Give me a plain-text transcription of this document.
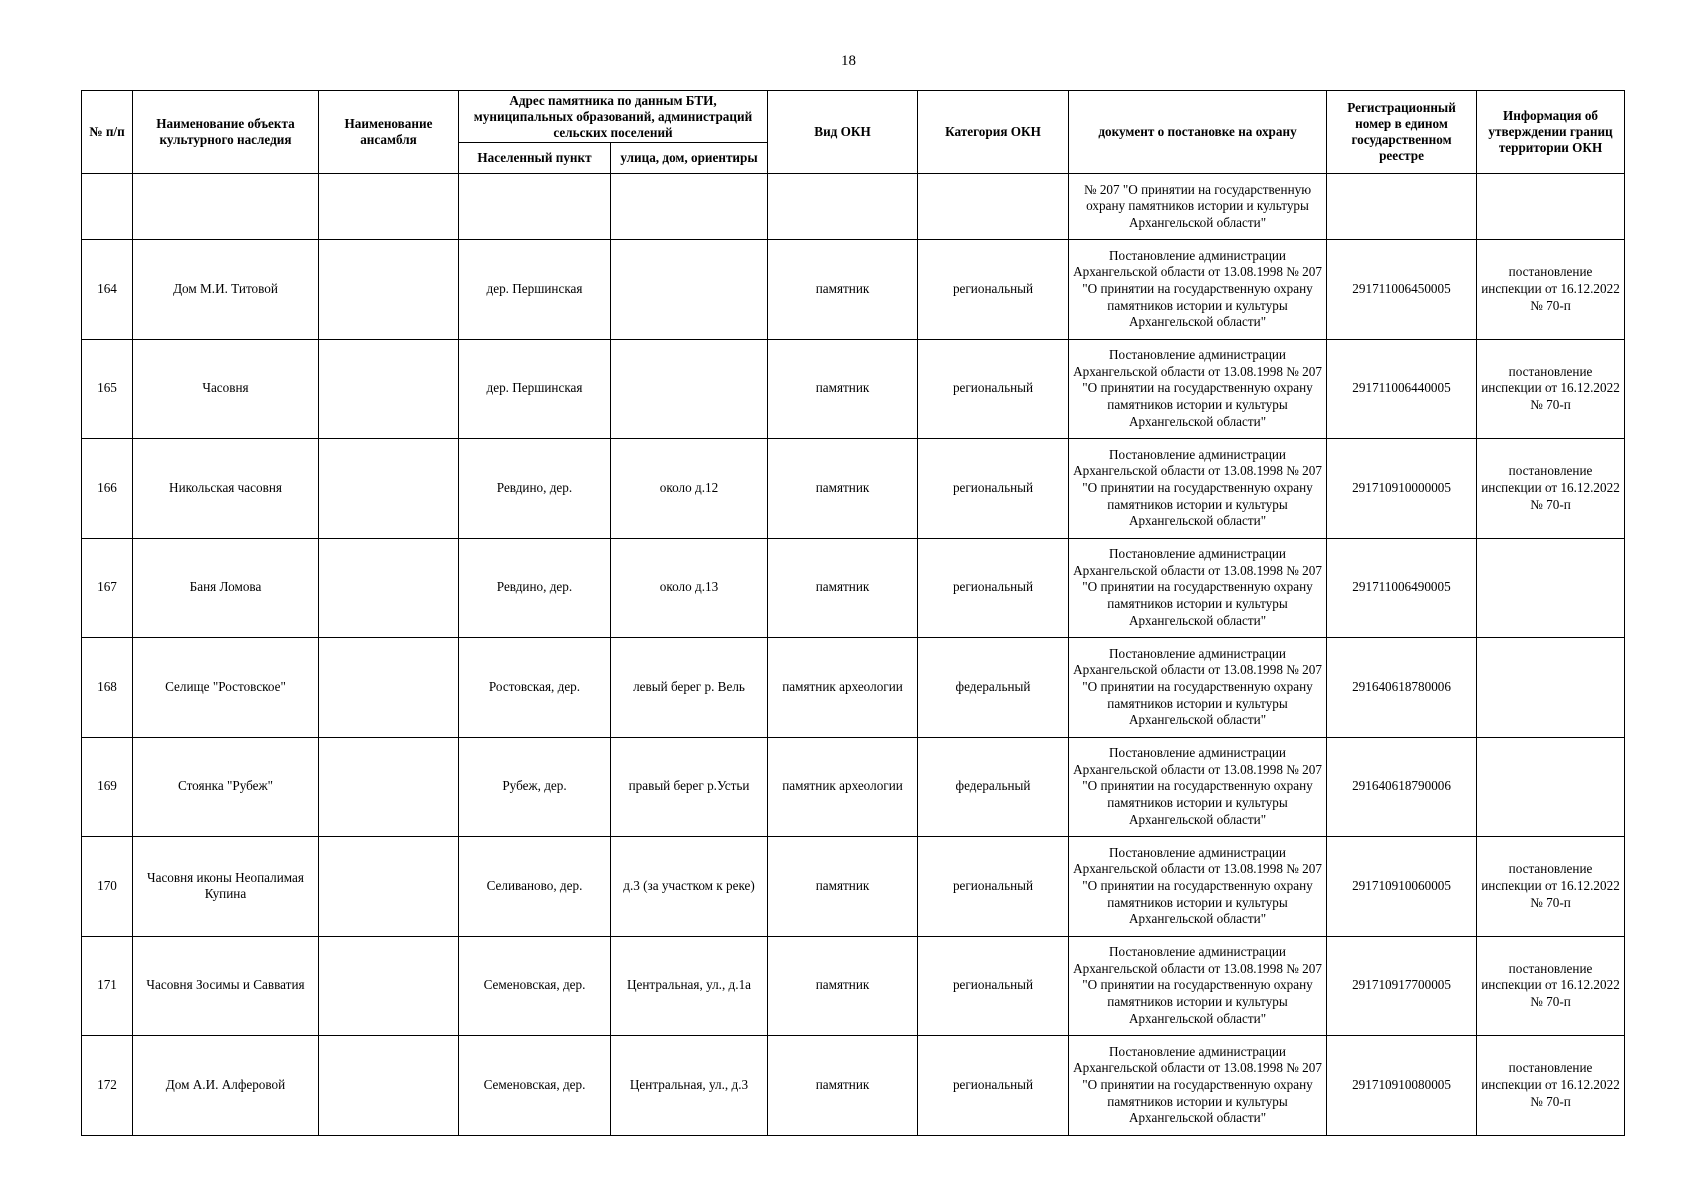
18
№ п/п	Наименование объекта культурного наследия	Наименование ансамбля	Адрес памятника по данным БТИ, муниципальных образований, администраций сельских поселений		Вид ОКН	Категория ОКН	документ о постановке на охрану	Регистрационный номер в едином государственном реестре	Информация об утверждении границ территории ОКН
			Населенный пункт	улица, дом, ориентиры					
							№ 207 "О принятии на государственную охрану памятников истории и культуры Архангельской области"		
164	Дом М.И. Титовой		дер. Першинская		памятник	региональный	Постановление администрации Архангельской области от 13.08.1998 № 207 "О принятии на государственную охрану памятников истории и культуры Архангельской области"	291711006450005	постановление инспекции от 16.12.2022 № 70-п
165	Часовня		дер. Першинская		памятник	региональный	Постановление администрации Архангельской области от 13.08.1998 № 207 "О принятии на государственную охрану памятников истории и культуры Архангельской области"	291711006440005	постановление инспекции от 16.12.2022 № 70-п
166	Никольская часовня		Ревдино, дер.	около д.12	памятник	региональный	Постановление администрации Архангельской области от 13.08.1998 № 207 "О принятии на государственную охрану памятников истории и культуры Архангельской области"	291710910000005	постановление инспекции от 16.12.2022 № 70-п
167	Баня Ломова		Ревдино, дер.	около д.13	памятник	региональный	Постановление администрации Архангельской области от 13.08.1998 № 207 "О принятии на государственную охрану памятников истории и культуры Архангельской области"	291711006490005	
168	Селище "Ростовское"		Ростовская, дер.	левый берег р. Вель	памятник археологии	федеральный	Постановление администрации Архангельской области от 13.08.1998 № 207 "О принятии на государственную охрану памятников истории и культуры Архангельской области"	291640618780006	
169	Стоянка "Рубеж"		Рубеж, дер.	правый берег р.Устьи	памятник археологии	федеральный	Постановление администрации Архангельской области от 13.08.1998 № 207 "О принятии на государственную охрану памятников истории и культуры Архангельской области"	291640618790006	
170	Часовня иконы Неопалимая Купина		Селиваново, дер.	д.3 (за участком к реке)	памятник	региональный	Постановление администрации Архангельской области от 13.08.1998 № 207 "О принятии на государственную охрану памятников истории и культуры Архангельской области"	291710910060005	постановление инспекции от 16.12.2022 № 70-п
171	Часовня Зосимы и Савватия		Семеновская, дер.	Центральная, ул., д.1а	памятник	региональный	Постановление администрации Архангельской области от 13.08.1998 № 207 "О принятии на государственную охрану памятников истории и культуры Архангельской области"	291710917700005	постановление инспекции от 16.12.2022 № 70-п
172	Дом А.И. Алферовой		Семеновская, дер.	Центральная, ул., д.3	памятник	региональный	Постановление администрации Архангельской области от 13.08.1998 № 207 "О принятии на государственную охрану памятников истории и культуры Архангельской области"	291710910080005	постановление инспекции от 16.12.2022 № 70-п
